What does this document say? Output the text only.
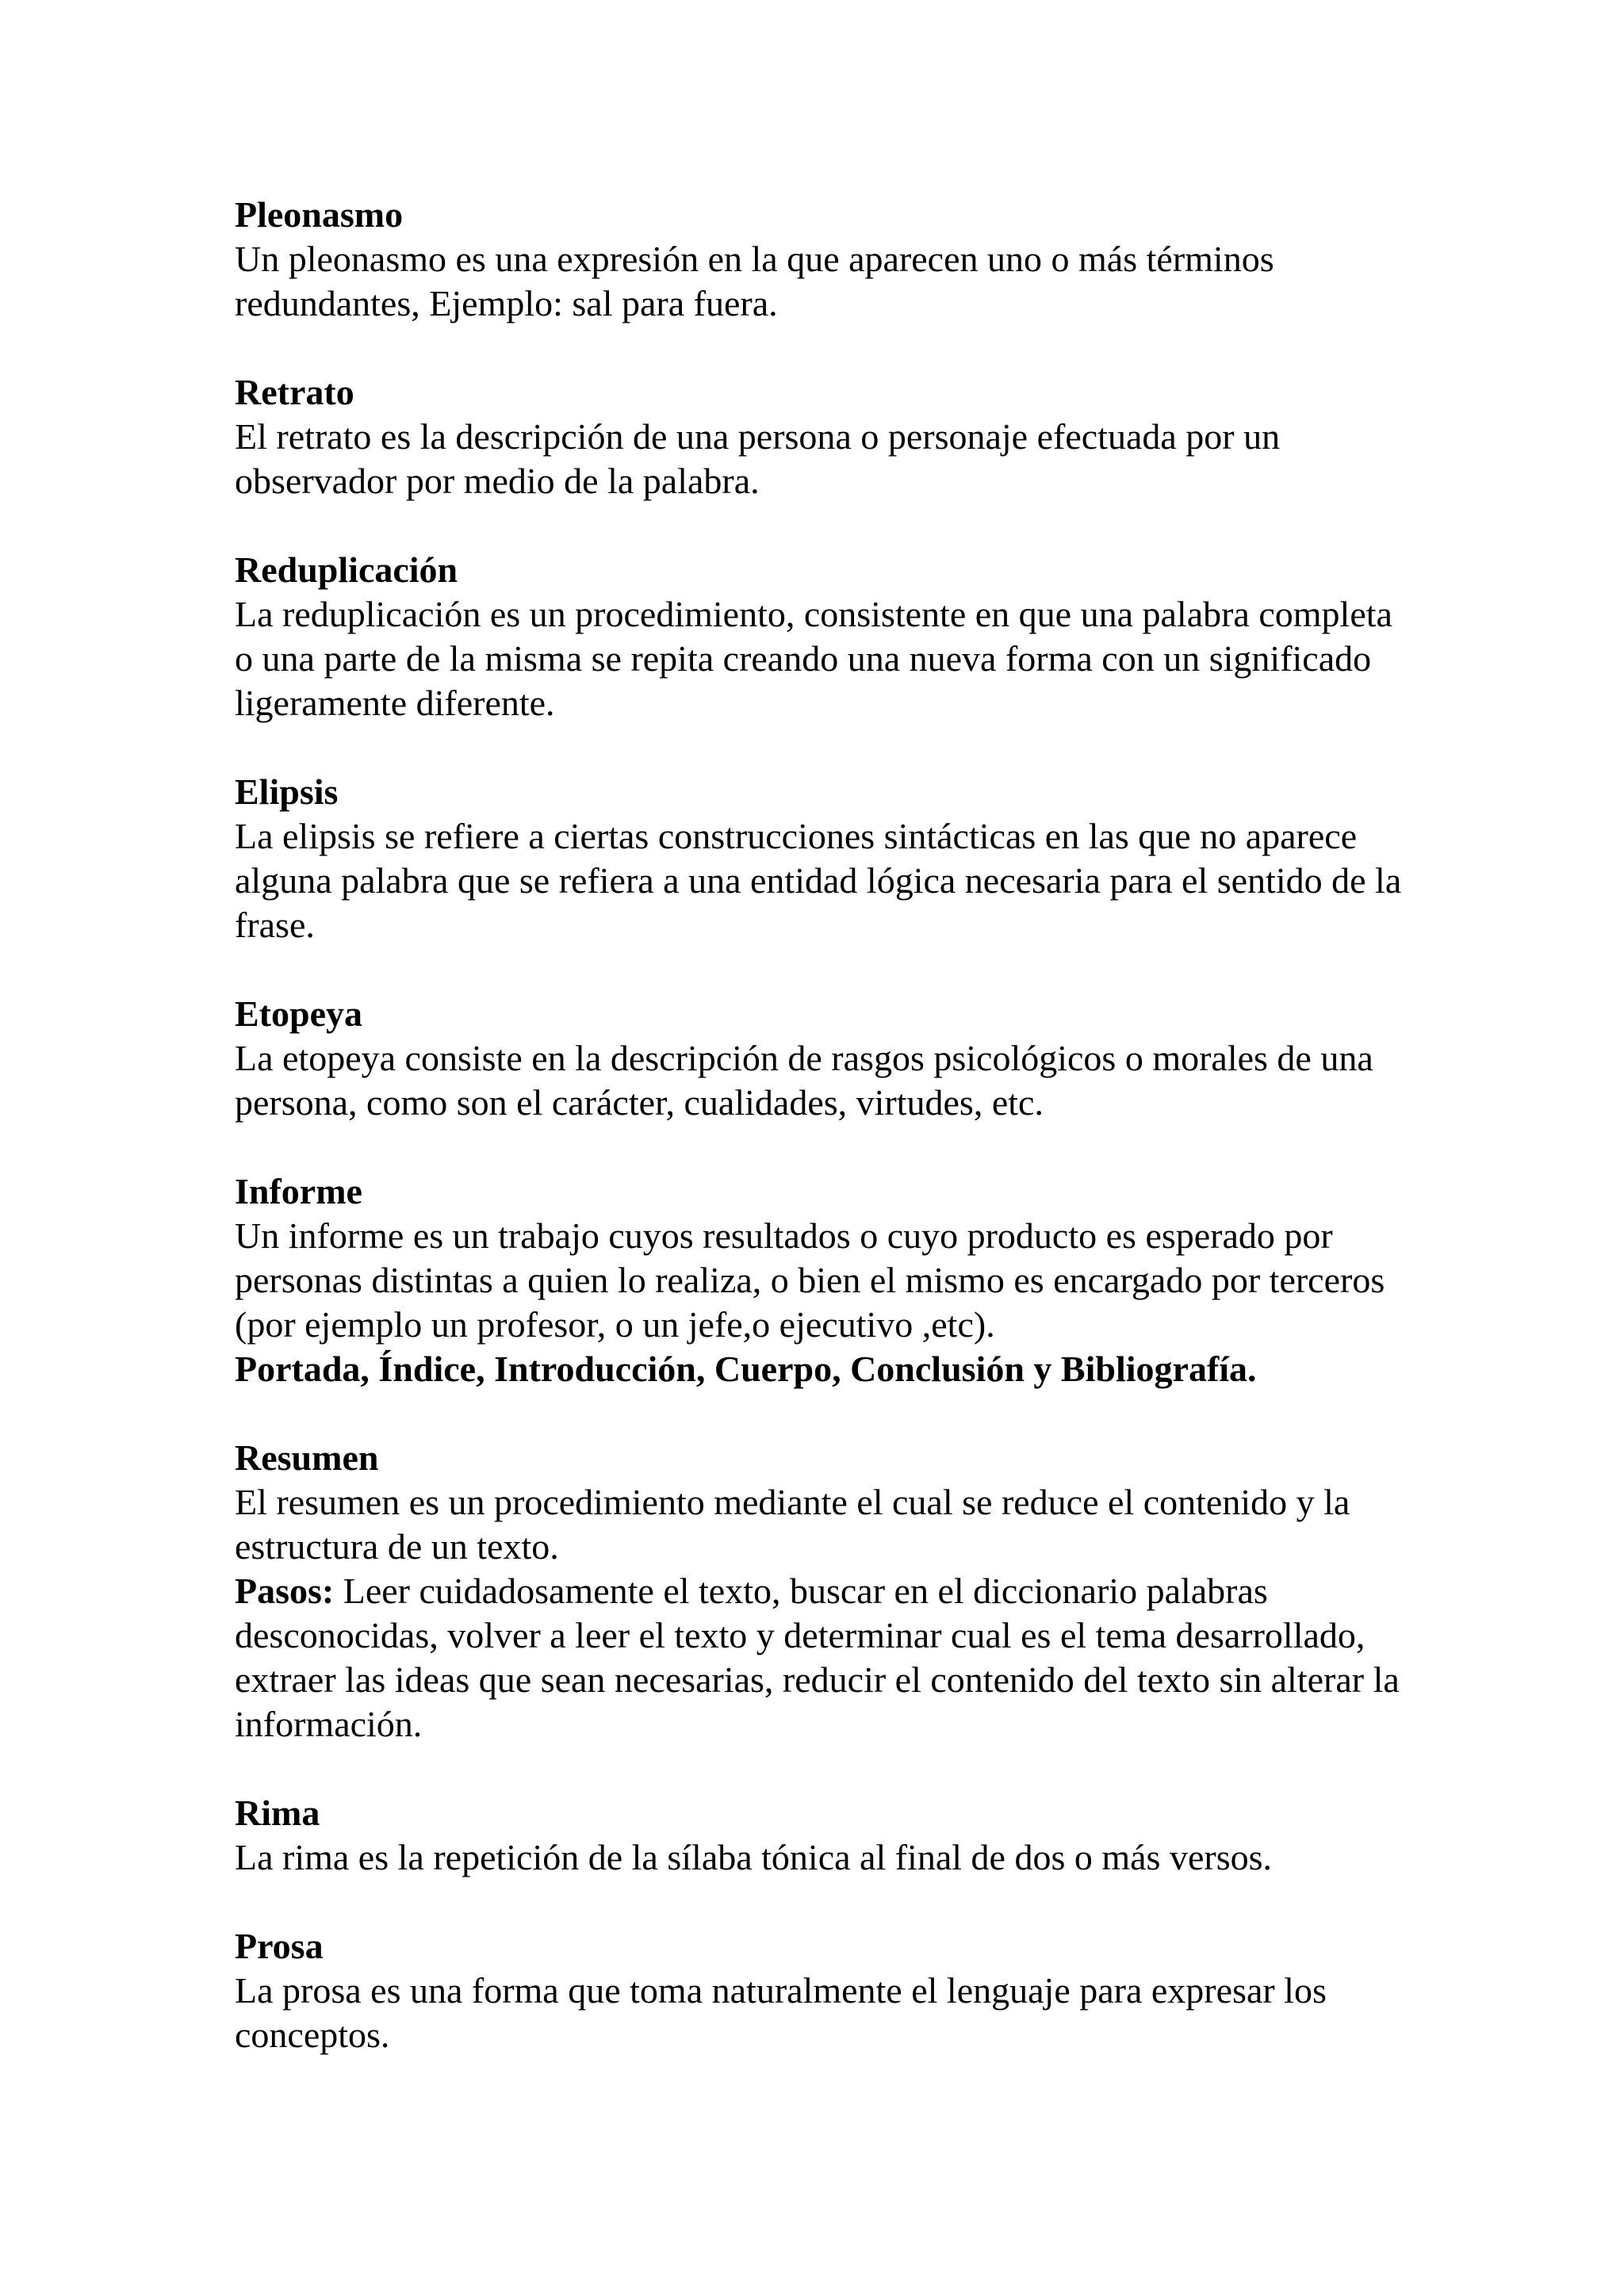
Pleonasmo
Un pleonasmo es una expresión en la que aparecen uno o más términos redundantes, Ejemplo: sal para fuera.
Retrato
El retrato es la descripción de una persona o personaje efectuada por un observador por medio de la palabra.
Reduplicación
La reduplicación es un procedimiento, consistente en que una palabra completa o una parte de la misma se repita creando una nueva forma con un significado ligeramente diferente.
Elipsis
La elipsis se refiere a ciertas construcciones sintácticas en las que no aparece alguna palabra que se refiera a una entidad lógica necesaria para el sentido de la frase.
Etopeya
La etopeya consiste en la descripción de rasgos psicológicos o morales de una persona, como son el carácter, cualidades, virtudes, etc.
Informe
Un informe es un trabajo cuyos resultados o cuyo producto es esperado por personas distintas a quien lo realiza, o bien el mismo es encargado por terceros (por ejemplo un profesor, o un jefe,o ejecutivo ,etc).
Portada, Índice, Introducción, Cuerpo, Conclusión y Bibliografía.
Resumen
El resumen es un procedimiento mediante el cual se reduce el contenido y la estructura de un texto.
Pasos: Leer cuidadosamente el texto, buscar en el diccionario palabras desconocidas, volver a leer el texto y determinar cual es el tema desarrollado, extraer las ideas que sean necesarias, reducir el contenido del texto sin alterar la información.
Rima
La rima es la repetición de la sílaba tónica al final de dos o más versos.
Prosa
La prosa es una forma que toma naturalmente el lenguaje para expresar los conceptos.
